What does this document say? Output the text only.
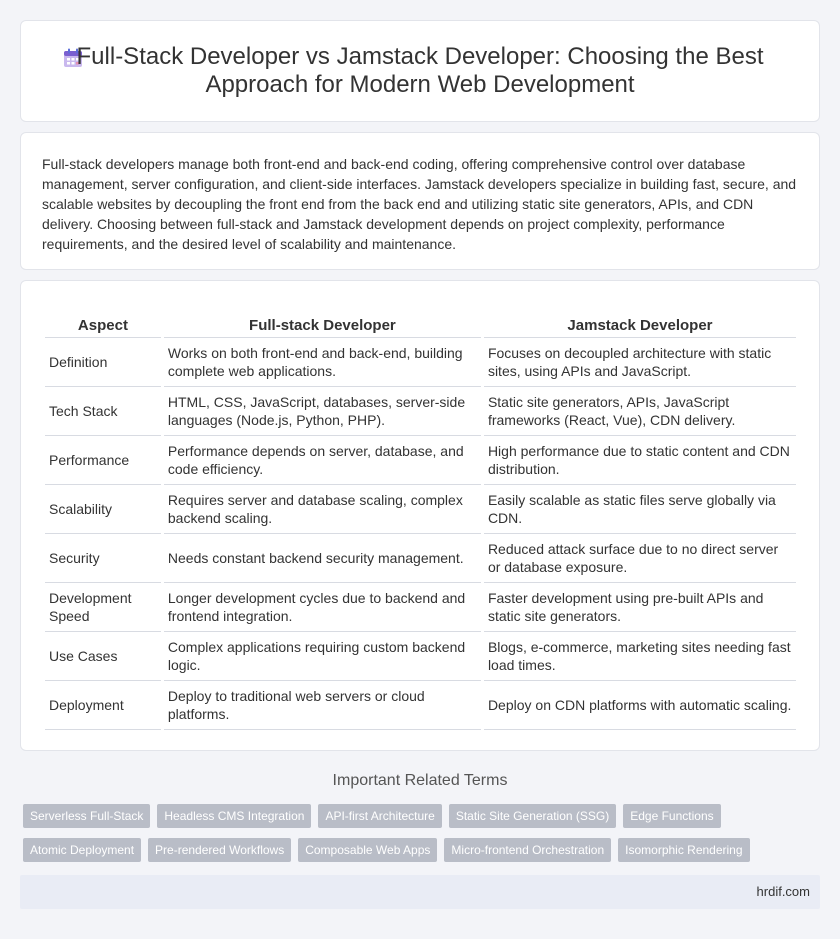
Full-Stack Developer vs Jamstack Developer: Choosing the Best Approach for Modern Web Development

Full-stack developers manage both front-end and back-end coding, offering comprehensive control over database management, server configuration, and client-side interfaces. Jamstack developers specialize in building fast, secure, and scalable websites by decoupling the front end from the back end and utilizing static site generators, APIs, and CDN delivery. Choosing between full-stack and Jamstack development depends on project complexity, performance requirements, and the desired level of scalability and maintenance.

Aspect	Full-stack Developer	Jamstack Developer
Definition	Works on both front-end and back-end, building complete web applications.	Focuses on decoupled architecture with static sites, using APIs and JavaScript.
Tech Stack	HTML, CSS, JavaScript, databases, server-side languages (Node.js, Python, PHP).	Static site generators, APIs, JavaScript frameworks (React, Vue), CDN delivery.
Performance	Performance depends on server, database, and code efficiency.	High performance due to static content and CDN distribution.
Scalability	Requires server and database scaling, complex backend scaling.	Easily scalable as static files serve globally via CDN.
Security	Needs constant backend security management.	Reduced attack surface due to no direct server or database exposure.
Development Speed	Longer development cycles due to backend and frontend integration.	Faster development using pre-built APIs and static site generators.
Use Cases	Complex applications requiring custom backend logic.	Blogs, e-commerce, marketing sites needing fast load times.
Deployment	Deploy to traditional web servers or cloud platforms.	Deploy on CDN platforms with automatic scaling.
Important Related Terms
Serverless Full-Stack	Headless CMS Integration	API-first Architecture	Static Site Generation (SSG)	Edge Functions
Atomic Deployment	Pre-rendered Workflows	Composable Web Apps	Micro-frontend Orchestration	Isomorphic Rendering
hrdif.com
